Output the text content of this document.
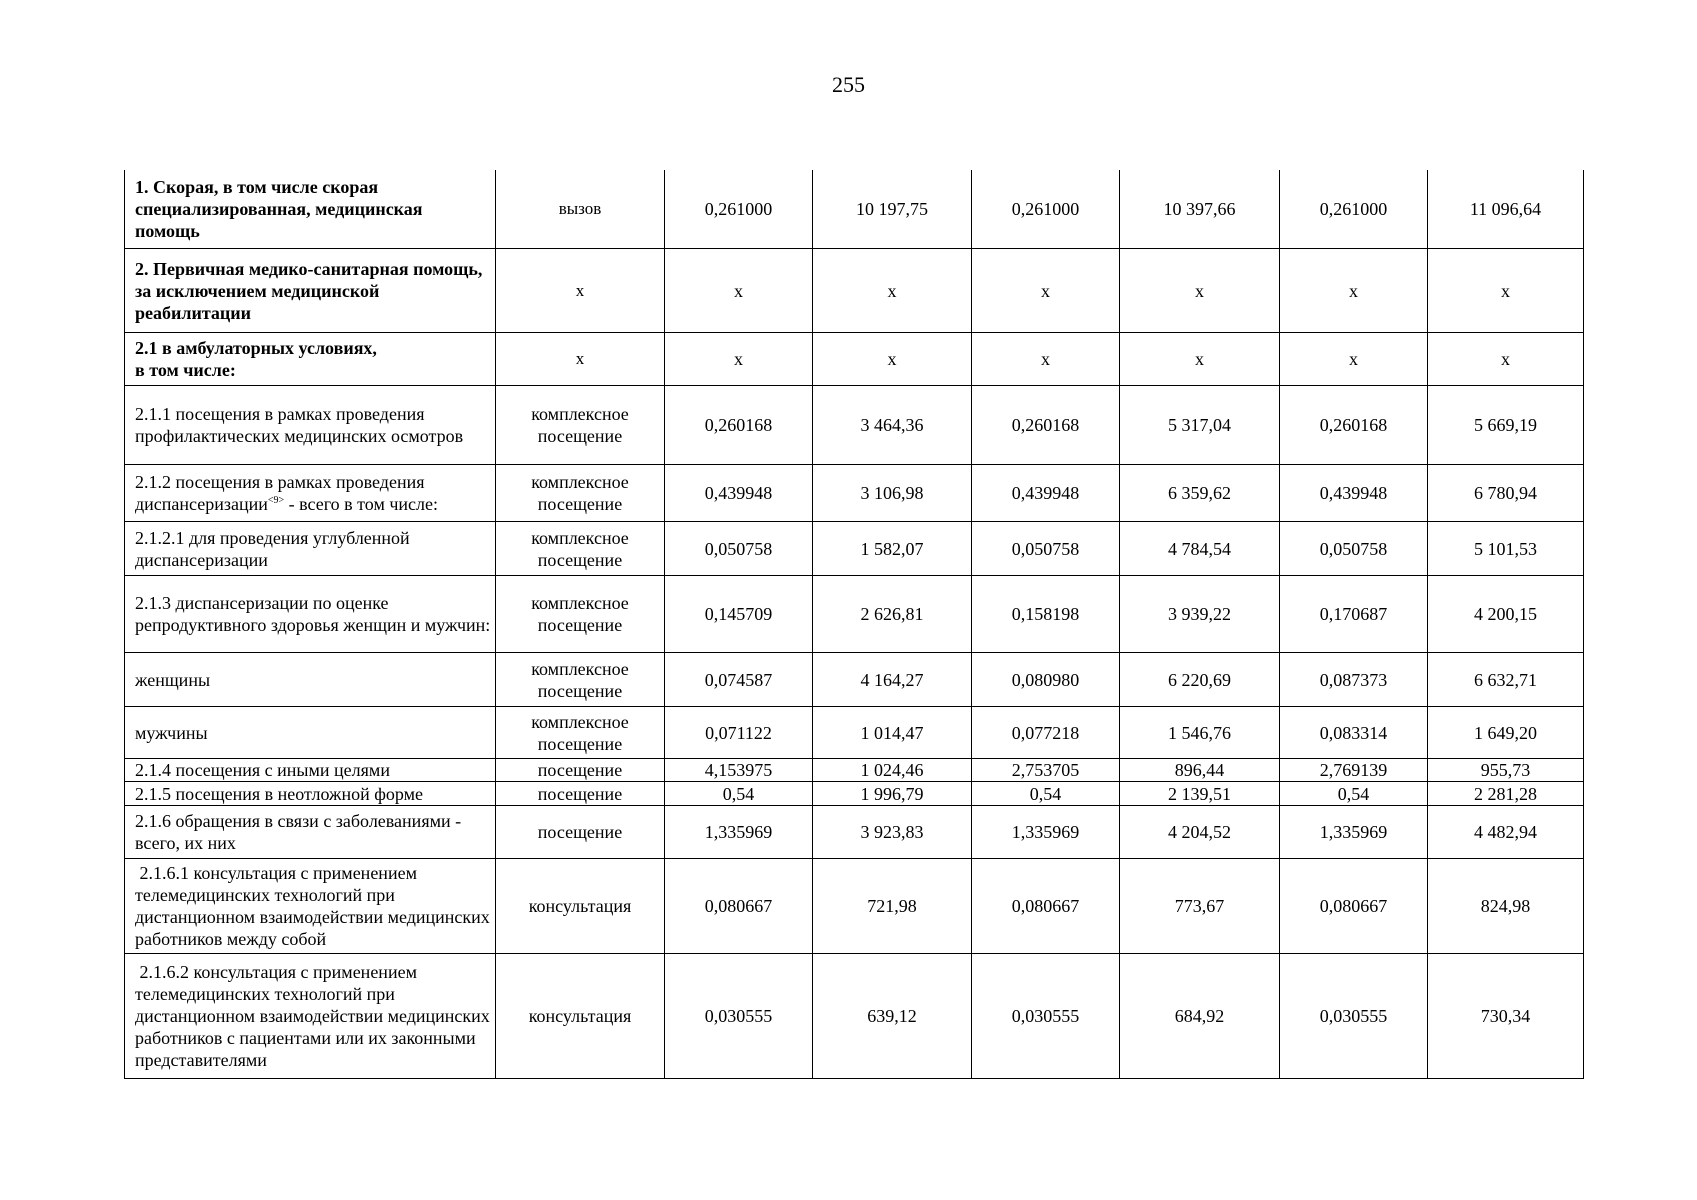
255
1. Скорая, в том числе скорая специализированная, медицинская помощь	вызов	0,261000	10 197,75	0,261000	10 397,66	0,261000	11 096,64
2. Первичная медико-санитарная помощь, за исключением медицинской реабилитации	х	х	х	х	х	х	х
2.1 в амбулаторных условиях,
в том числе:	х	х	х	х	х	х	х
2.1.1 посещения в рамках проведения профилактических медицинских осмотров	комплексное посещение	0,260168	3 464,36	0,260168	5 317,04	0,260168	5 669,19
2.1.2 посещения в рамках проведения диспансеризации$^{<9>}$ - всего в том числе:	комплексное посещение	0,439948	3 106,98	0,439948	6 359,62	0,439948	6 780,94
2.1.2.1 для проведения углубленной диспансеризации	комплексное посещение	0,050758	1 582,07	0,050758	4 784,54	0,050758	5 101,53
2.1.3 диспансеризации по оценке репродуктивного здоровья женщин и мужчин:	комплексное посещение	0,145709	2 626,81	0,158198	3 939,22	0,170687	4 200,15
женщины	комплексное посещение	0,074587	4 164,27	0,080980	6 220,69	0,087373	6 632,71
мужчины	комплексное посещение	0,071122	1 014,47	0,077218	1 546,76	0,083314	1 649,20
2.1.4 посещения с иными целями	посещение	4,153975	1 024,46	2,753705	896,44	2,769139	955,73
2.1.5 посещения в неотложной форме	посещение	0,54	1 996,79	0,54	2 139,51	0,54	2 281,28
2.1.6 обращения в связи с заболеваниями - всего, их них	посещение	1,335969	3 923,83	1,335969	4 204,52	1,335969	4 482,94
2.1.6.1 консультация с применением телемедицинских технологий при дистанционном взаимодействии медицинских работников между собой	консультация	0,080667	721,98	0,080667	773,67	0,080667	824,98
2.1.6.2 консультация с применением телемедицинских технологий при дистанционном взаимодействии медицинских работников с пациентами или их законными представителями	консультация	0,030555	639,12	0,030555	684,92	0,030555	730,34
